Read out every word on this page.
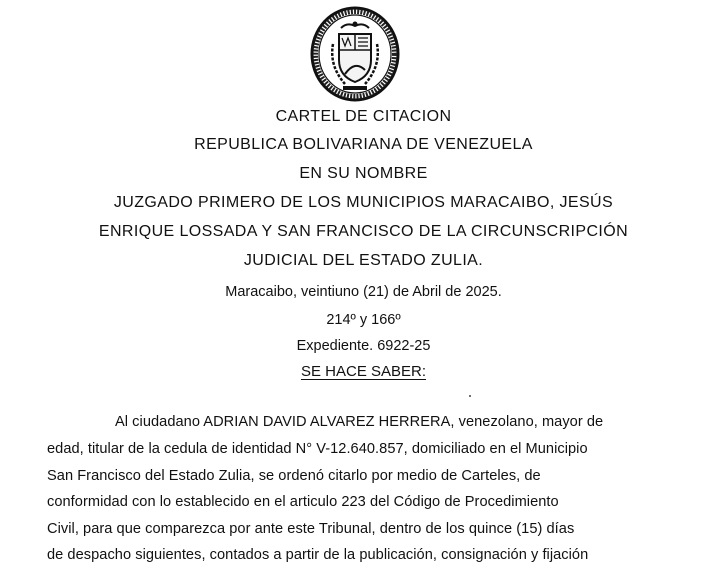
CARTEL DE CITACION
REPUBLICA BOLIVARIANA DE VENEZUELA
EN SU NOMBRE
JUZGADO PRIMERO DE LOS MUNICIPIOS MARACAIBO, JESÚS
ENRIQUE LOSSADA Y SAN FRANCISCO DE LA CIRCUNSCRIPCIÓN
JUDICIAL DEL ESTADO ZULIA.
Maracaibo, veintiuno (21) de Abril de 2025.
214º y 166º
Expediente. 6922-25
SE HACE SABER:
Al ciudadano ADRIAN DAVID ALVAREZ HERRERA, venezolano, mayor de
edad, titular de la cedula de identidad N° V-12.640.857, domiciliado en el Municipio
San Francisco del Estado Zulia, se ordenó citarlo por medio de Carteles, de
conformidad con lo establecido en el articulo 223 del Código de Procedimiento
Civil, para que comparezca por ante este Tribunal, dentro de los quince (15) días
de despacho siguientes, contados a partir de la publicación, consignación y fijación
